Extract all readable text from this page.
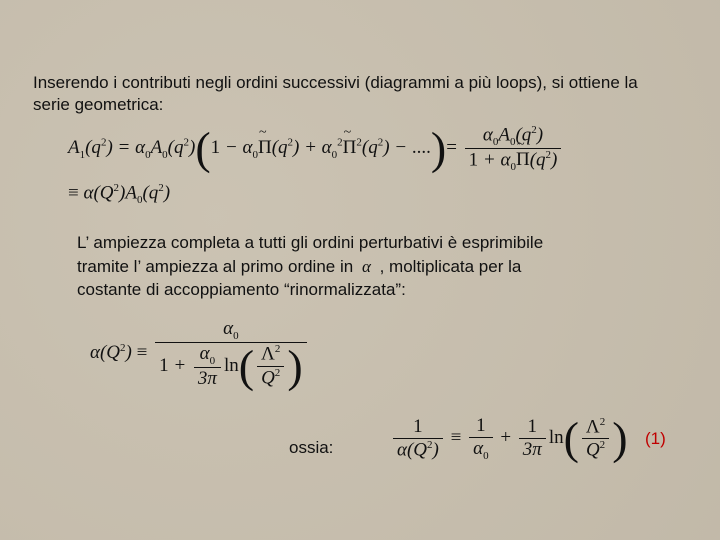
Inserendo i contributi negli ordini successivi (diagrammi a più loops), si ottiene la serie geometrica:

$A_1(q^2) = \alpha_0A_0(q^2)(1$ − $\alpha_0\sim$ $\Pi(q^2)$ + $\alpha_0^2\sim$ $\Pi^2(q^2)$ − ....)= $\frac{\alpha_0A_0(q^2)}{1 + \alpha_0\sim \Pi(q^2)}$
≡ $\alpha(Q^2)A_0(q^2)$

L’ ampiezza completa a tutti gli ordini perturbativi è esprimibile

tramite l’ ampiezza al primo ordine in α , moltiplicata per la

costante di accoppiamento “rinormalizzata”:

$\alpha(Q^2) \equiv \frac{\alpha_0}{1 + \frac{\alpha_0}{3\pi} \ln( \frac{\Lambda^2}{Q^2} )}$
ossia:	$\frac{1}{\alpha(Q^2)} \equiv \frac{1}{\alpha_0} + \frac{1}{3\pi} \ln( \frac{\Lambda^2}{Q^2}$ ) (1)
